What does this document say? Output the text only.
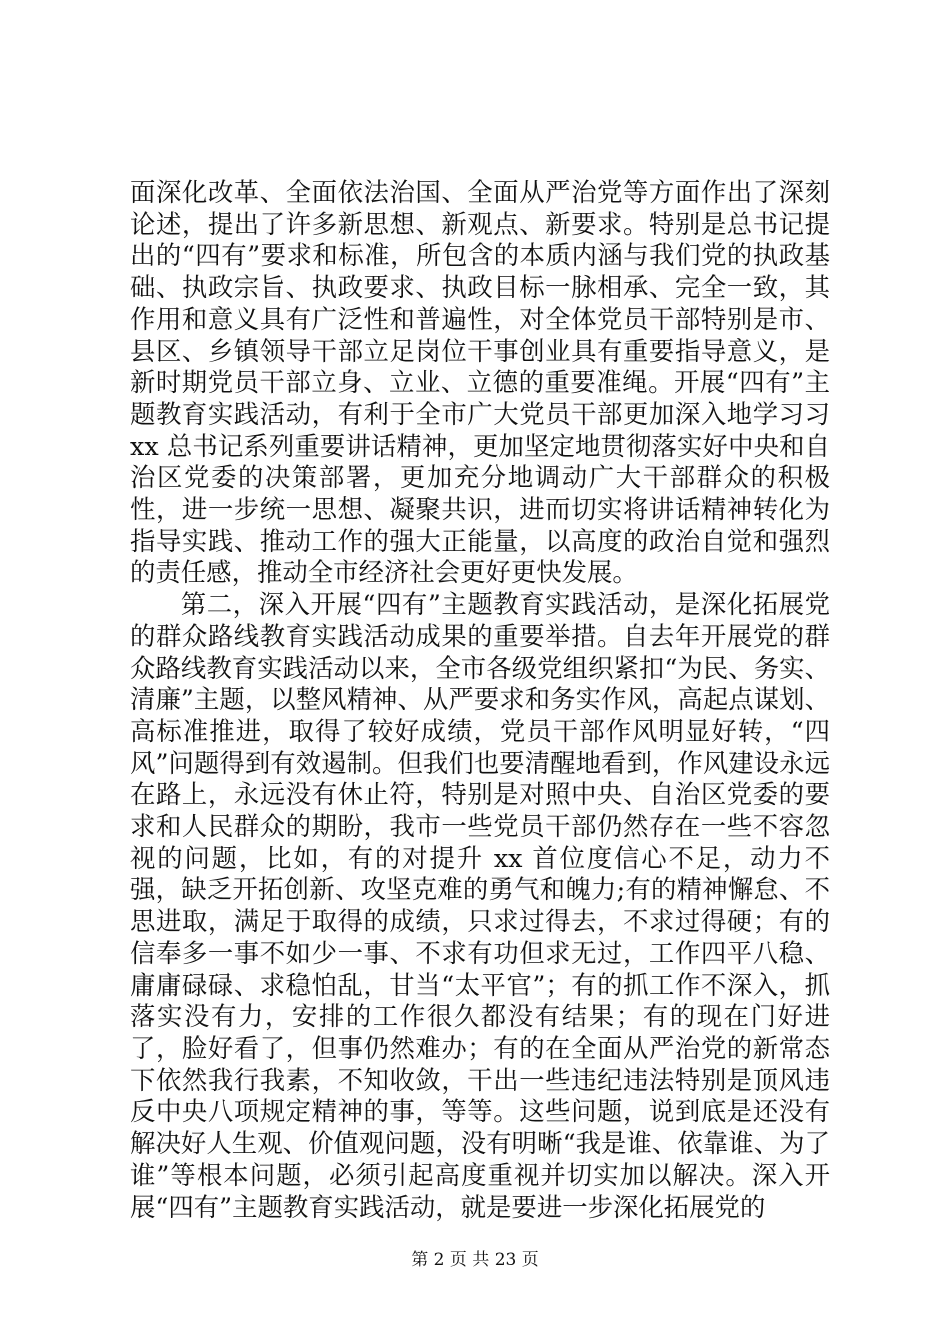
面深化改革、全面依法治国、全面从严治党等方面作出了深刻论述，提出了许多新思想、新观点、新要求。特别是总书记提出的“四有”要求和标准，所包含的本质内涵与我们党的执政基础、执政宗旨、执政要求、执政目标一脉相承、完全一致，其作用和意义具有广泛性和普遍性，对全体党员干部特别是市、县区、乡镇领导干部立足岗位干事创业具有重要指导意义，是新时期党员干部立身、立业、立德的重要准绳。开展“四有”主题教育实践活动，有利于全市广大党员干部更加深入地学习习 xx 总书记系列重要讲话精神，更加坚定地贯彻落实好中央和自治区党委的决策部署，更加充分地调动广大干部群众的积极性，进一步统一思想、凝聚共识，进而切实将讲话精神转化为指导实践、推动工作的强大正能量，以高度的政治自觉和强烈的责任感，推动全市经济社会更好更快发展。

第二，深入开展“四有”主题教育实践活动，是深化拓展党的群众路线教育实践活动成果的重要举措。自去年开展党的群众路线教育实践活动以来，全市各级党组织紧扣“为民、务实、清廉”主题，以整风精神、从严要求和务实作风，高起点谋划、高标准推进，取得了较好成绩，党员干部作风明显好转，“四风”问题得到有效遏制。但我们也要清醒地看到，作风建设永远在路上，永远没有休止符，特别是对照中央、自治区党委的要求和人民群众的期盼，我市一些党员干部仍然存在一些不容忽视的问题，比如，有的对提升 xx 首位度信心不足，动力不强，缺乏开拓创新、攻坚克难的勇气和魄力;有的精神懈怠、不思进取，满足于取得的成绩，只求过得去，不求过得硬；有的信奉多一事不如少一事、不求有功但求无过，工作四平八稳、庸庸碌碌、求稳怕乱，甘当“太平官”；有的抓工作不深入，抓落实没有力，安排的工作很久都没有结果；有的现在门好进了，脸好看了，但事仍然难办；有的在全面从严治党的新常态下依然我行我素，不知收敛，干出一些违纪违法特别是顶风违反中央八项规定精神的事，等等。这些问题，说到底是还没有解决好人生观、价值观问题，没有明晰“我是谁、依靠谁、为了谁”等根本问题，必须引起高度重视并切实加以解决。深入开展“四有”主题教育实践活动，就是要进一步深化拓展党的

第 2 页 共 23 页
